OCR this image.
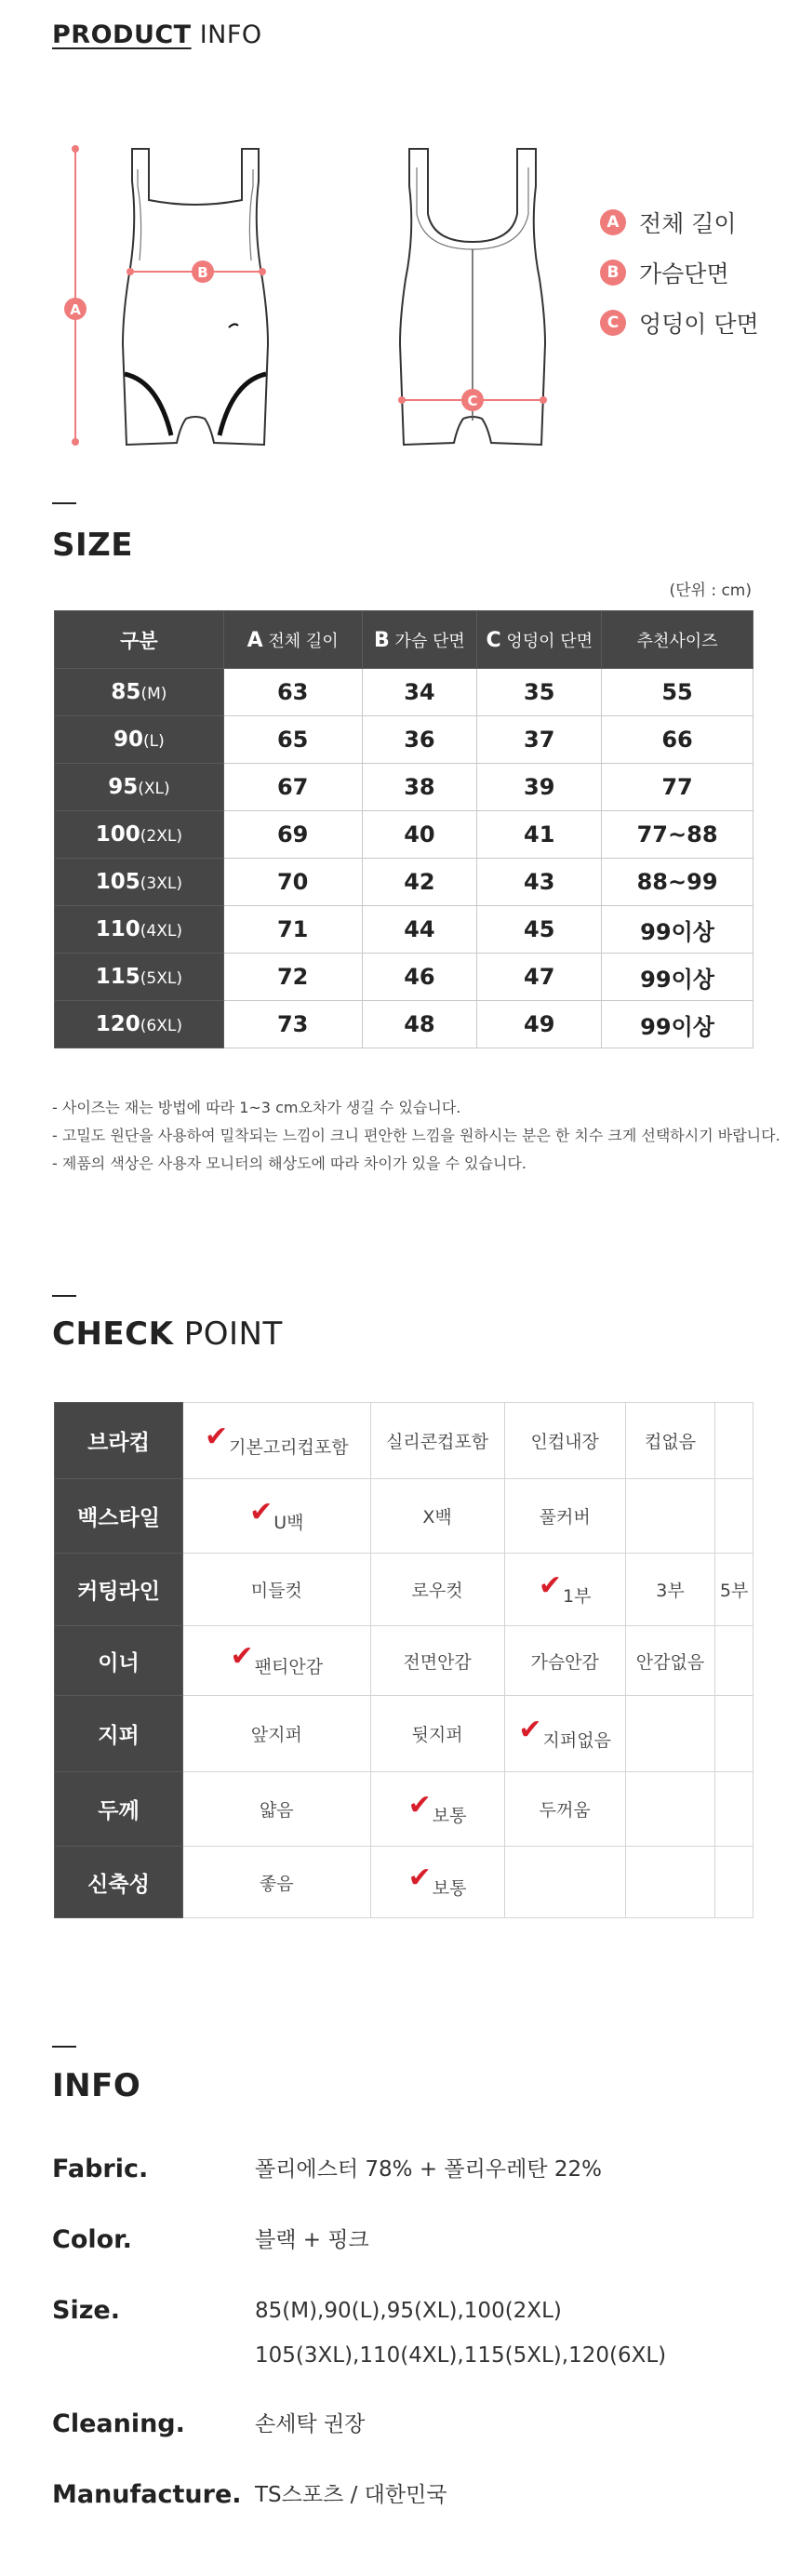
PRODUCT INFO
A
B
C
A 전체 길이
B 가슴단면
C 엉덩이 단면
SIZE
(단위 : cm)
구분	A 전체 길이	B 가슴 단면	C 엉덩이 단면	추천사이즈
85(M)	63	34	35	55
90(L)	65	36	37	66
95(XL)	67	38	39	77
100(2XL)	69	40	41	77~88
105(3XL)	70	42	43	88~99
110(4XL)	71	44	45	99이상
115(5XL)	72	46	47	99이상
120(6XL)	73	48	49	99이상
- 사이즈는 재는 방법에 따라 1~3 cm오차가 생길 수 있습니다.
- 고밀도 원단을 사용하여 밀착되는 느낌이 크니 편안한 느낌을 원하시는 분은 한 치수 크게 선택하시기 바랍니다.
- 제품의 색상은 사용자 모니터의 해상도에 따라 차이가 있을 수 있습니다.
CHECK POINT
브라컵	✔기본고리컵포함	실리콘컵포함	인컵내장	컵없음	
백스타일	✔U백	X백	풀커버		
커팅라인	미들컷	로우컷	✔1부	3부	5부
이너	✔팬티안감	전면안감	가슴안감	안감없음	
지퍼	앞지퍼	뒷지퍼	✔지퍼없음		
두께	얇음	✔보통	두꺼움		
신축성	좋음	✔보통			
INFO
Fabric.	폴리에스터 78% + 폴리우레탄 22%
Color.	블랙 + 핑크
Size.	85(M),90(L),95(XL),100(2XL)
105(3XL),110(4XL),115(5XL),120(6XL)
Cleaning.	손세탁 권장
Manufacture. TS스포츠 / 대한민국
